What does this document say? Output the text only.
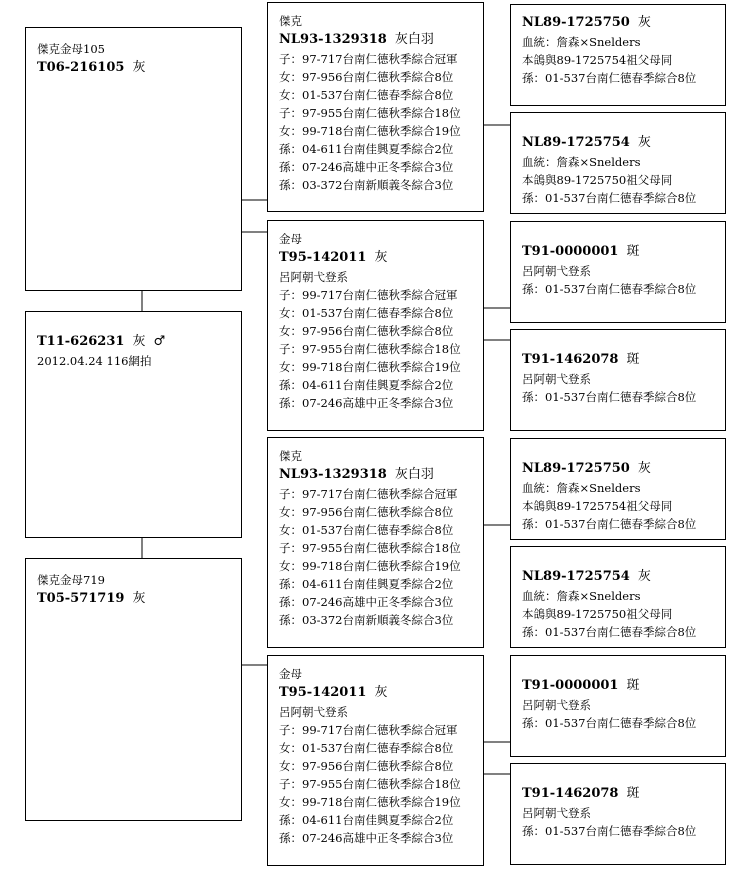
傑克金母105
T06-216105 灰
T11-626231 灰 ♂
2012.04.24 116網拍
傑克金母719
T05-571719 灰
傑克
NL93-1329318 灰白羽
子：97-717台南仁德秋季綜合冠軍
女：97-956台南仁德秋季綜合8位
女：01-537台南仁德春季綜合8位
子：97-955台南仁德秋季綜合18位
女：99-718台南仁德秋季綜合19位
孫：04-611台南佳興夏季綜合2位
孫：07-246高雄中正冬季綜合3位
孫：03-372台南新順義冬綜合3位
金母
T95-142011 灰
呂阿朝弋登系
子：99-717台南仁德秋季綜合冠軍
女：01-537台南仁德春季綜合8位
女：97-956台南仁德秋季綜合8位
子：97-955台南仁德秋季綜合18位
女：99-718台南仁德秋季綜合19位
孫：04-611台南佳興夏季綜合2位
孫：07-246高雄中正冬季綜合3位
傑克
NL93-1329318 灰白羽
子：97-717台南仁德秋季綜合冠軍
女：97-956台南仁德秋季綜合8位
女：01-537台南仁德春季綜合8位
子：97-955台南仁德秋季綜合18位
女：99-718台南仁德秋季綜合19位
孫：04-611台南佳興夏季綜合2位
孫：07-246高雄中正冬季綜合3位
孫：03-372台南新順義冬綜合3位
金母
T95-142011 灰
呂阿朝弋登系
子：99-717台南仁德秋季綜合冠軍
女：01-537台南仁德春季綜合8位
女：97-956台南仁德秋季綜合8位
子：97-955台南仁德秋季綜合18位
女：99-718台南仁德秋季綜合19位
孫：04-611台南佳興夏季綜合2位
孫：07-246高雄中正冬季綜合3位
NL89-1725750 灰
血統：詹森×Snelders
本鴿與89-1725754祖父母同
孫：01-537台南仁德春季綜合8位
NL89-1725754 灰
血統：詹森×Snelders
本鴿與89-1725750祖父母同
孫：01-537台南仁德春季綜合8位
T91-0000001 斑
呂阿朝弋登系
孫：01-537台南仁德春季綜合8位
T91-1462078 斑
呂阿朝弋登系
孫：01-537台南仁德春季綜合8位
NL89-1725750 灰
血統：詹森×Snelders
本鴿與89-1725754祖父母同
孫：01-537台南仁德春季綜合8位
NL89-1725754 灰
血統：詹森×Snelders
本鴿與89-1725750祖父母同
孫：01-537台南仁德春季綜合8位
T91-0000001 斑
呂阿朝弋登系
孫：01-537台南仁德春季綜合8位
T91-1462078 斑
呂阿朝弋登系
孫：01-537台南仁德春季綜合8位
